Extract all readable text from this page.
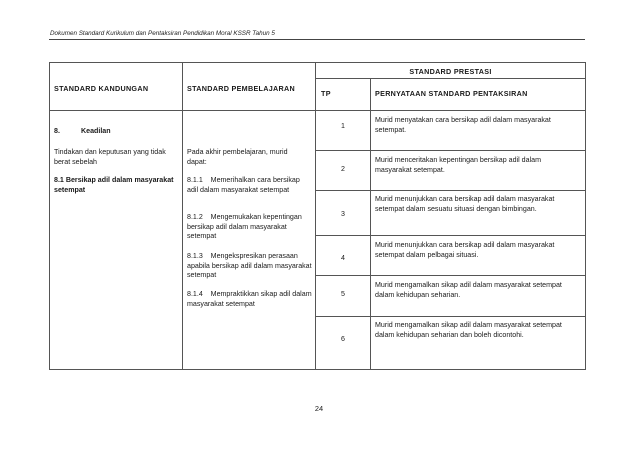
Dokumen Standard Kurikulum dan Pentaksiran Pendidikan Moral KSSR Tahun 5
STANDARD PRESTASI
STANDARD KANDUNGAN	STANDARD PEMBELAJARAN
TP	PERNYATAAN STANDARD PENTAKSIRAN
8.	Keadilan
Tindakan dan keputusan yang tidak berat sebelah
8.1 Bersikap adil dalam masyarakat setempat
Pada akhir pembelajaran, murid dapat:
8.1.1 Memerihalkan cara bersikap adil dalam masyarakat setempat
8.1.2 Mengemukakan kepentingan bersikap adil dalam masyarakat setempat
8.1.3 Mengekspresikan perasaan apabila bersikap adil dalam masyarakat setempat
8.1.4 Mempraktikkan sikap adil dalam masyarakat setempat
1
Murid menyatakan cara bersikap adil dalam masyarakat setempat.
2
Murid menceritakan kepentingan bersikap adil dalam masyarakat setempat.
3
Murid menunjukkan cara bersikap adil dalam masyarakat setempat dalam sesuatu situasi dengan bimbingan.
4
Murid menunjukkan cara bersikap adil dalam masyarakat setempat dalam pelbagai situasi.
5
Murid mengamalkan sikap adil dalam masyarakat setempat dalam kehidupan seharian.
6
Murid mengamalkan sikap adil dalam masyarakat setempat dalam kehidupan seharian dan boleh dicontohi.
24
